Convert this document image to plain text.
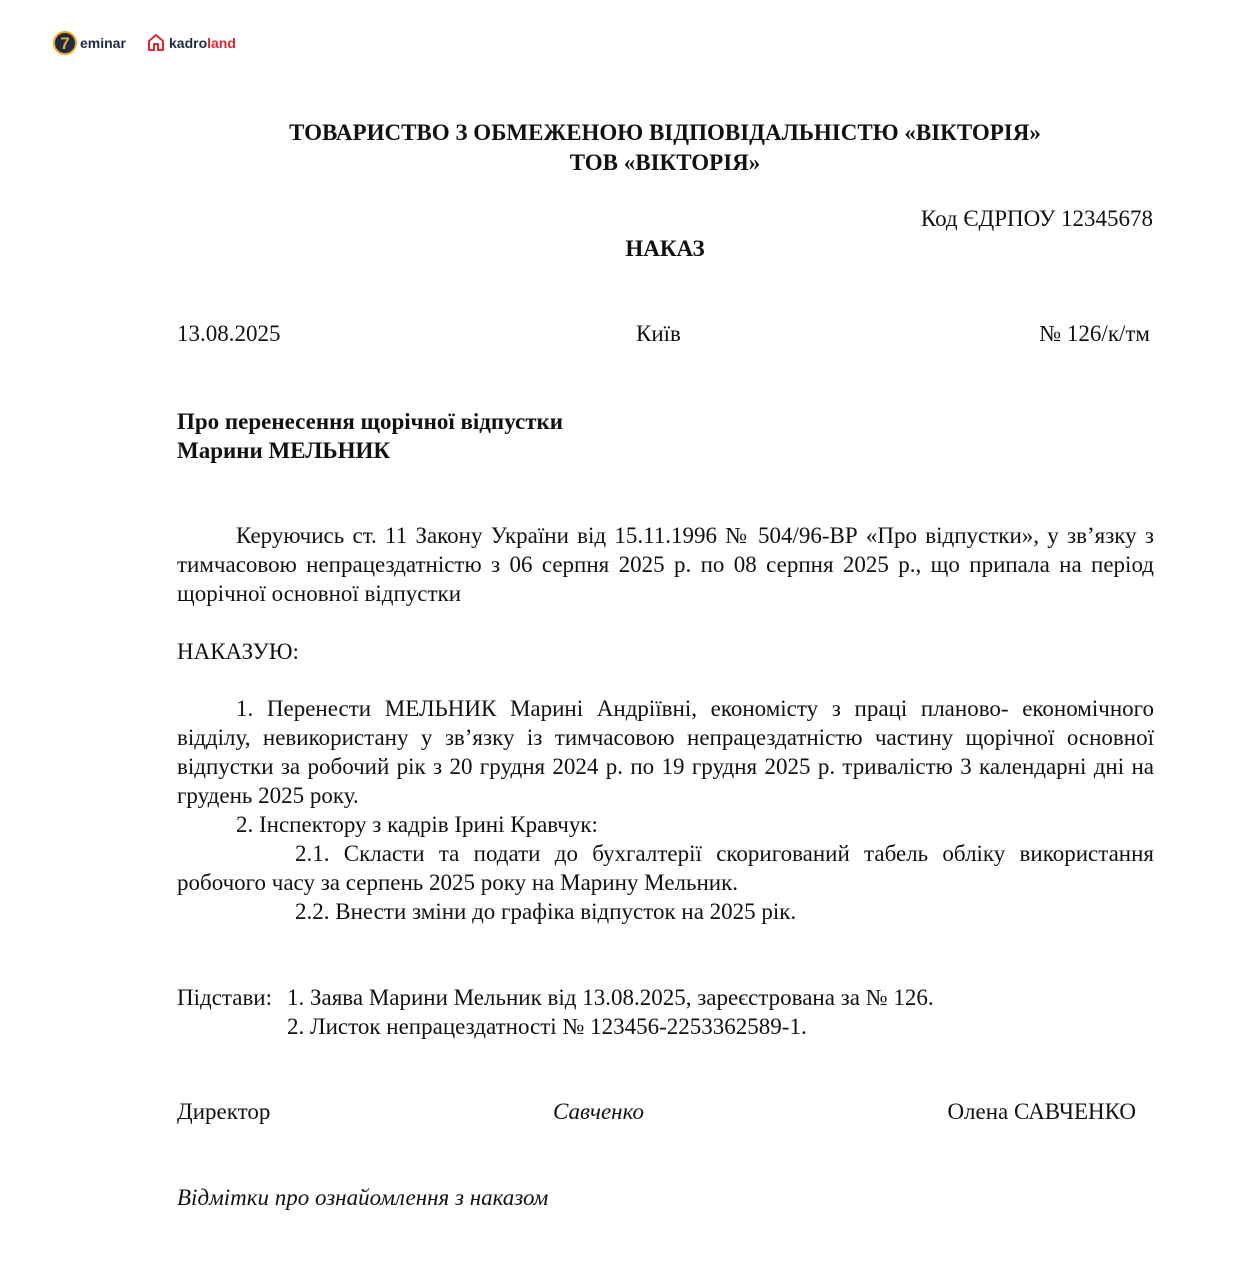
7 eminar	kadroland
ТОВАРИСТВО З ОБМЕЖЕНОЮ ВІДПОВІДАЛЬНІСТЮ «ВІКТОРІЯ»
ТОВ «ВІКТОРІЯ»
Код ЄДРПОУ 12345678
НАКАЗ
13.08.2025	Київ	№ 126/к/тм
Про перенесення щорічної відпустки
Марини МЕЛЬНИК
Керуючись ст. 11 Закону України від 15.11.1996 № 504/96-ВР «Про відпустки», у зв’язку з тимчасовою непрацездатністю з 06 серпня 2025 р. по 08 серпня 2025 р., що припала на період щорічної основної відпустки
НАКАЗУЮ:
1. Перенести МЕЛЬНИК Марині Андріївні, економісту з праці планово- економічного відділу, невикористану у зв’язку із тимчасовою непрацездатністю частину щорічної основної відпустки за робочий рік з 20 грудня 2024 р. по 19 грудня 2025 р. тривалістю 3 календарні дні на грудень 2025 року.
2. Інспектору з кадрів Ірині Кравчук:
2.1. Скласти та подати до бухгалтерії скоригований табель обліку використання робочого часу за серпень 2025 року на Марину Мельник.
2.2. Внести зміни до графіка відпусток на 2025 рік.
Підстави: 1. Заява Марини Мельник від 13.08.2025, зареєстрована за № 126.
2. Листок непрацездатності № 123456-2253362589-1.
Директор	Савченко	Олена САВЧЕНКО
Відмітки про ознайомлення з наказом
